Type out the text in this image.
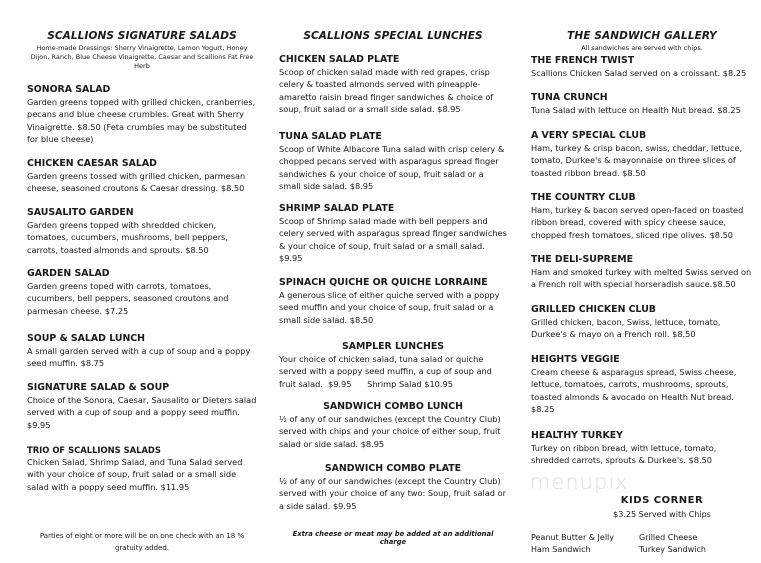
SCALLIONS SIGNATURE SALADS
Home-made Dressings: Sherry Vinaigrette, Lemon Yogurt, Honey Dijon, Ranch, Blue Cheese Vinaigrette, Caesar and Scallions Fat Free Herb

SONORA SALAD

Garden greens topped with grilled chicken, cranberries, pecans and blue cheese crumbles. Great with Sherry Vinaigrette. $8.50 (Feta crumbles may be substituted for blue cheese)

CHICKEN CAESAR SALAD

Garden greens tossed with grilled chicken, parmesan cheese, seasoned croutons & Caesar dressing. $8.50

SAUSALITO GARDEN

Garden greens topped with shredded chicken, tomatoes, cucumbers, mushrooms, bell peppers, carrots, toasted almonds and sprouts. $8.50

GARDEN SALAD

Garden greens toped with carrots, tomatoes, cucumbers, bell peppers, seasoned croutons and parmesan cheese. $7.25

SOUP & SALAD LUNCH

A small garden served with a cup of soup and a poppy seed muffin. $8.75

SIGNATURE SALAD & SOUP

Choice of the Sonora, Caesar, Sausalito or Dieters salad served with a cup of soup and a poppy seed muffin. $9.95

TRIO OF SCALLIONS SALADS

Chicken Salad, Shrimp Salad, and Tuna Salad served with your choice of soup, fruit salad or a small side salad with a poppy seed muffin. $11.95

Parties of eight or more will be on one check with an 18 % gratuity added.
SCALLIONS SPECIAL LUNCHES

CHICKEN SALAD PLATE

Scoop of chicken salad made with red grapes, crisp celery & toasted almonds served with pineapple-amaretto raisin bread finger sandwiches & choice of soup, fruit salad or a small side salad. $8.95

TUNA SALAD PLATE

Scoop of White Albacore Tuna salad with crisp celery & chopped pecans served with asparagus spread finger sandwiches & your choice of soup, fruit salad or a small side salad. $8.95

SHRIMP SALAD PLATE

Scoop of Shrimp salad made with bell peppers and celery served with asparagus spread finger sandwiches & your choice of soup, fruit salad or a small salad. $9.95

SPINACH QUICHE OR QUICHE LORRAINE

A generous slice of either quiche served with a poppy seed muffin and your choice of soup, fruit salad or a small side salad. $8.50

SAMPLER LUNCHES

Your choice of chicken salad, tuna salad or quiche served with a poppy seed muffin, a cup of soup and fruit salad.  $9.95      Shrimp Salad $10.95

SANDWICH COMBO LUNCH

½ of any of our sandwiches (except the Country Club) served with chips and your choice of either soup, fruit salad or side salad. $8.95

SANDWICH COMBO PLATE

½ of any of our sandwiches (except the Country Club) served with your choice of any two: Soup, fruit salad or a side salad. $9.95

Extra cheese or meat may be added at an additional charge
THE SANDWICH GALLERY
All sandwiches are served with chips.

THE FRENCH TWIST

Scallions Chicken Salad served on a croissant. $8.25

TUNA CRUNCH

Tuna Salad with lettuce on Health Nut bread. $8.25

A VERY SPECIAL CLUB

Ham, turkey & crisp bacon, swiss, cheddar, lettuce, tomato, Durkee's & mayonnaise on three slices of toasted ribbon bread. $8.50

THE COUNTRY CLUB

Ham, turkey & bacon served open-faced on toasted ribbon bread, covered with spicy cheese sauce, chopped fresh tomatoes, sliced ripe olives. $8.50

THE DELI-SUPREME

Ham and smoked turkey with melted Swiss served on a French roll with special horseradish sauce.$8.50

GRILLED CHICKEN CLUB

Grilled chicken, bacon, Swiss, lettuce, tomato, Durkee's & mayo on a French roll. $8.50

HEIGHTS VEGGIE

Cream cheese & asparagus spread, Swiss cheese, lettuce, tomatoes, carrots, mushrooms, sprouts, toasted almonds & avocado on Health Nut bread. $8.25

HEALTHY TURKEY

Turkey on ribbon bread, with lettuce, tomato, shredded carrots, sprouts & Durkee's. $8.50

KIDS CORNER
$3.25 Served with Chips
Peanut Butter & Jelly	Grilled Cheese
Ham Sandwich	Turkey Sandwich
menupix
